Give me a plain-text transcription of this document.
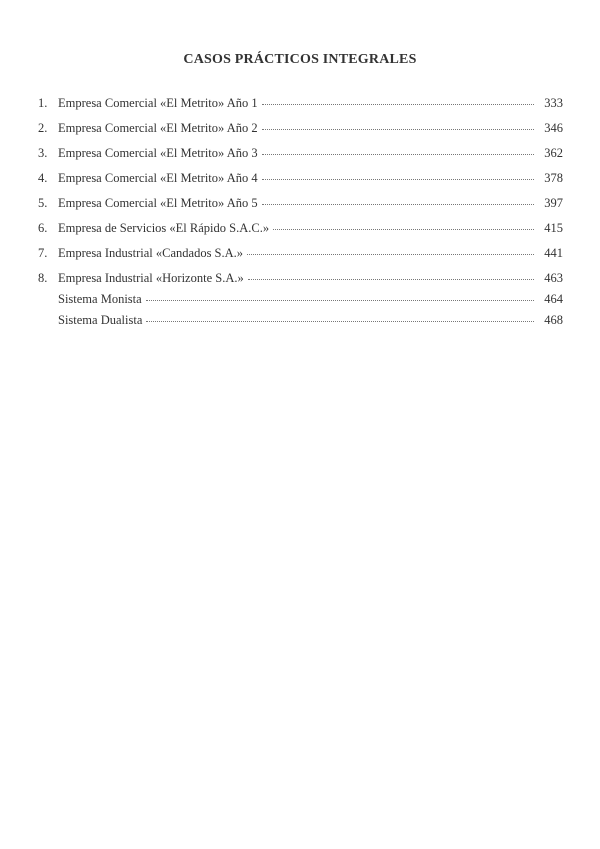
CASOS PRÁCTICOS INTEGRALES
1. Empresa Comercial «El Metrito» Año 1	333
2. Empresa Comercial «El Metrito» Año 2	346
3. Empresa Comercial «El Metrito» Año 3	362
4. Empresa Comercial «El Metrito» Año 4	378
5. Empresa Comercial «El Metrito» Año 5	397
6. Empresa de Servicios «El Rápido S.A.C.»	415
7. Empresa Industrial «Candados S.A.»	441
8. Empresa Industrial «Horizonte S.A.»	463
Sistema Monista	464
Sistema Dualista	468
